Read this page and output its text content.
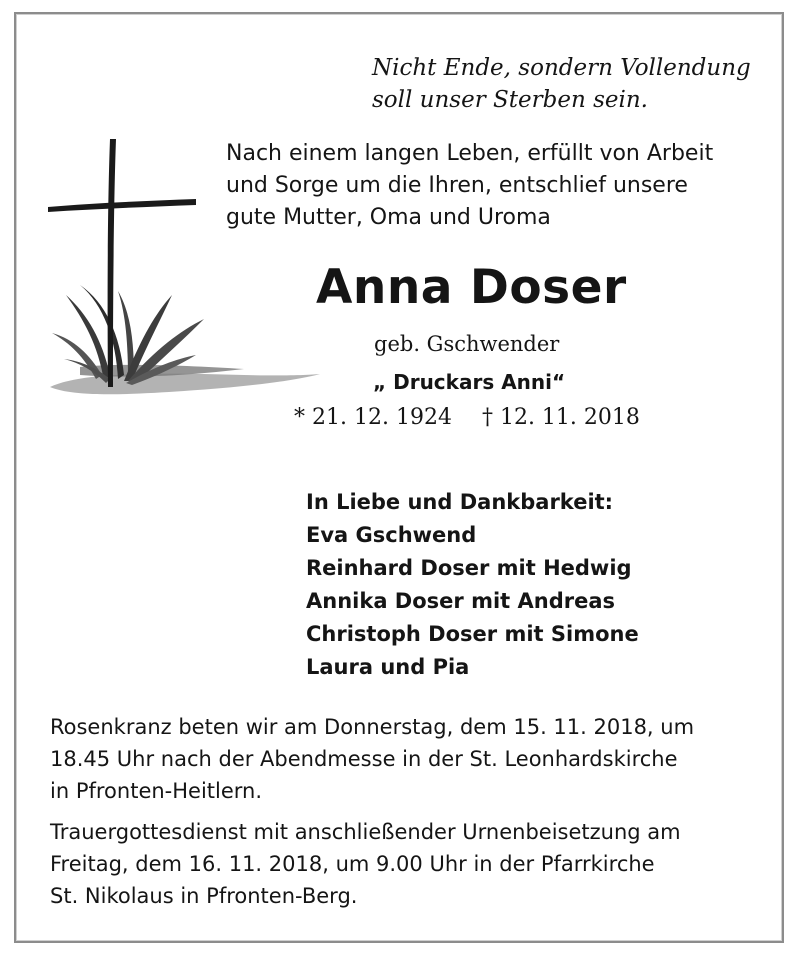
Nicht Ende, sondern Vollendung
soll unser Sterben sein.
Nach einem langen Leben, erfüllt von Arbeit
und Sorge um die Ihren, entschlief unsere
gute Mutter, Oma und Uroma
Anna Doser
geb. Gschwender
„ Druckars Anni“
* 21. 12. 1924 † 12. 11. 2018
In Liebe und Dankbarkeit:
Eva Gschwend
Reinhard Doser mit Hedwig
Annika Doser mit Andreas
Christoph Doser mit Simone
Laura und Pia
Rosenkranz beten wir am Donnerstag, dem 15. 11. 2018, um
18.45 Uhr nach der Abendmesse in der St. Leonhardskirche
in Pfronten-Heitlern.
Trauergottesdienst mit anschließender Urnenbeisetzung am
Freitag, dem 16. 11. 2018, um 9.00 Uhr in der Pfarrkirche
St. Nikolaus in Pfronten-Berg.
